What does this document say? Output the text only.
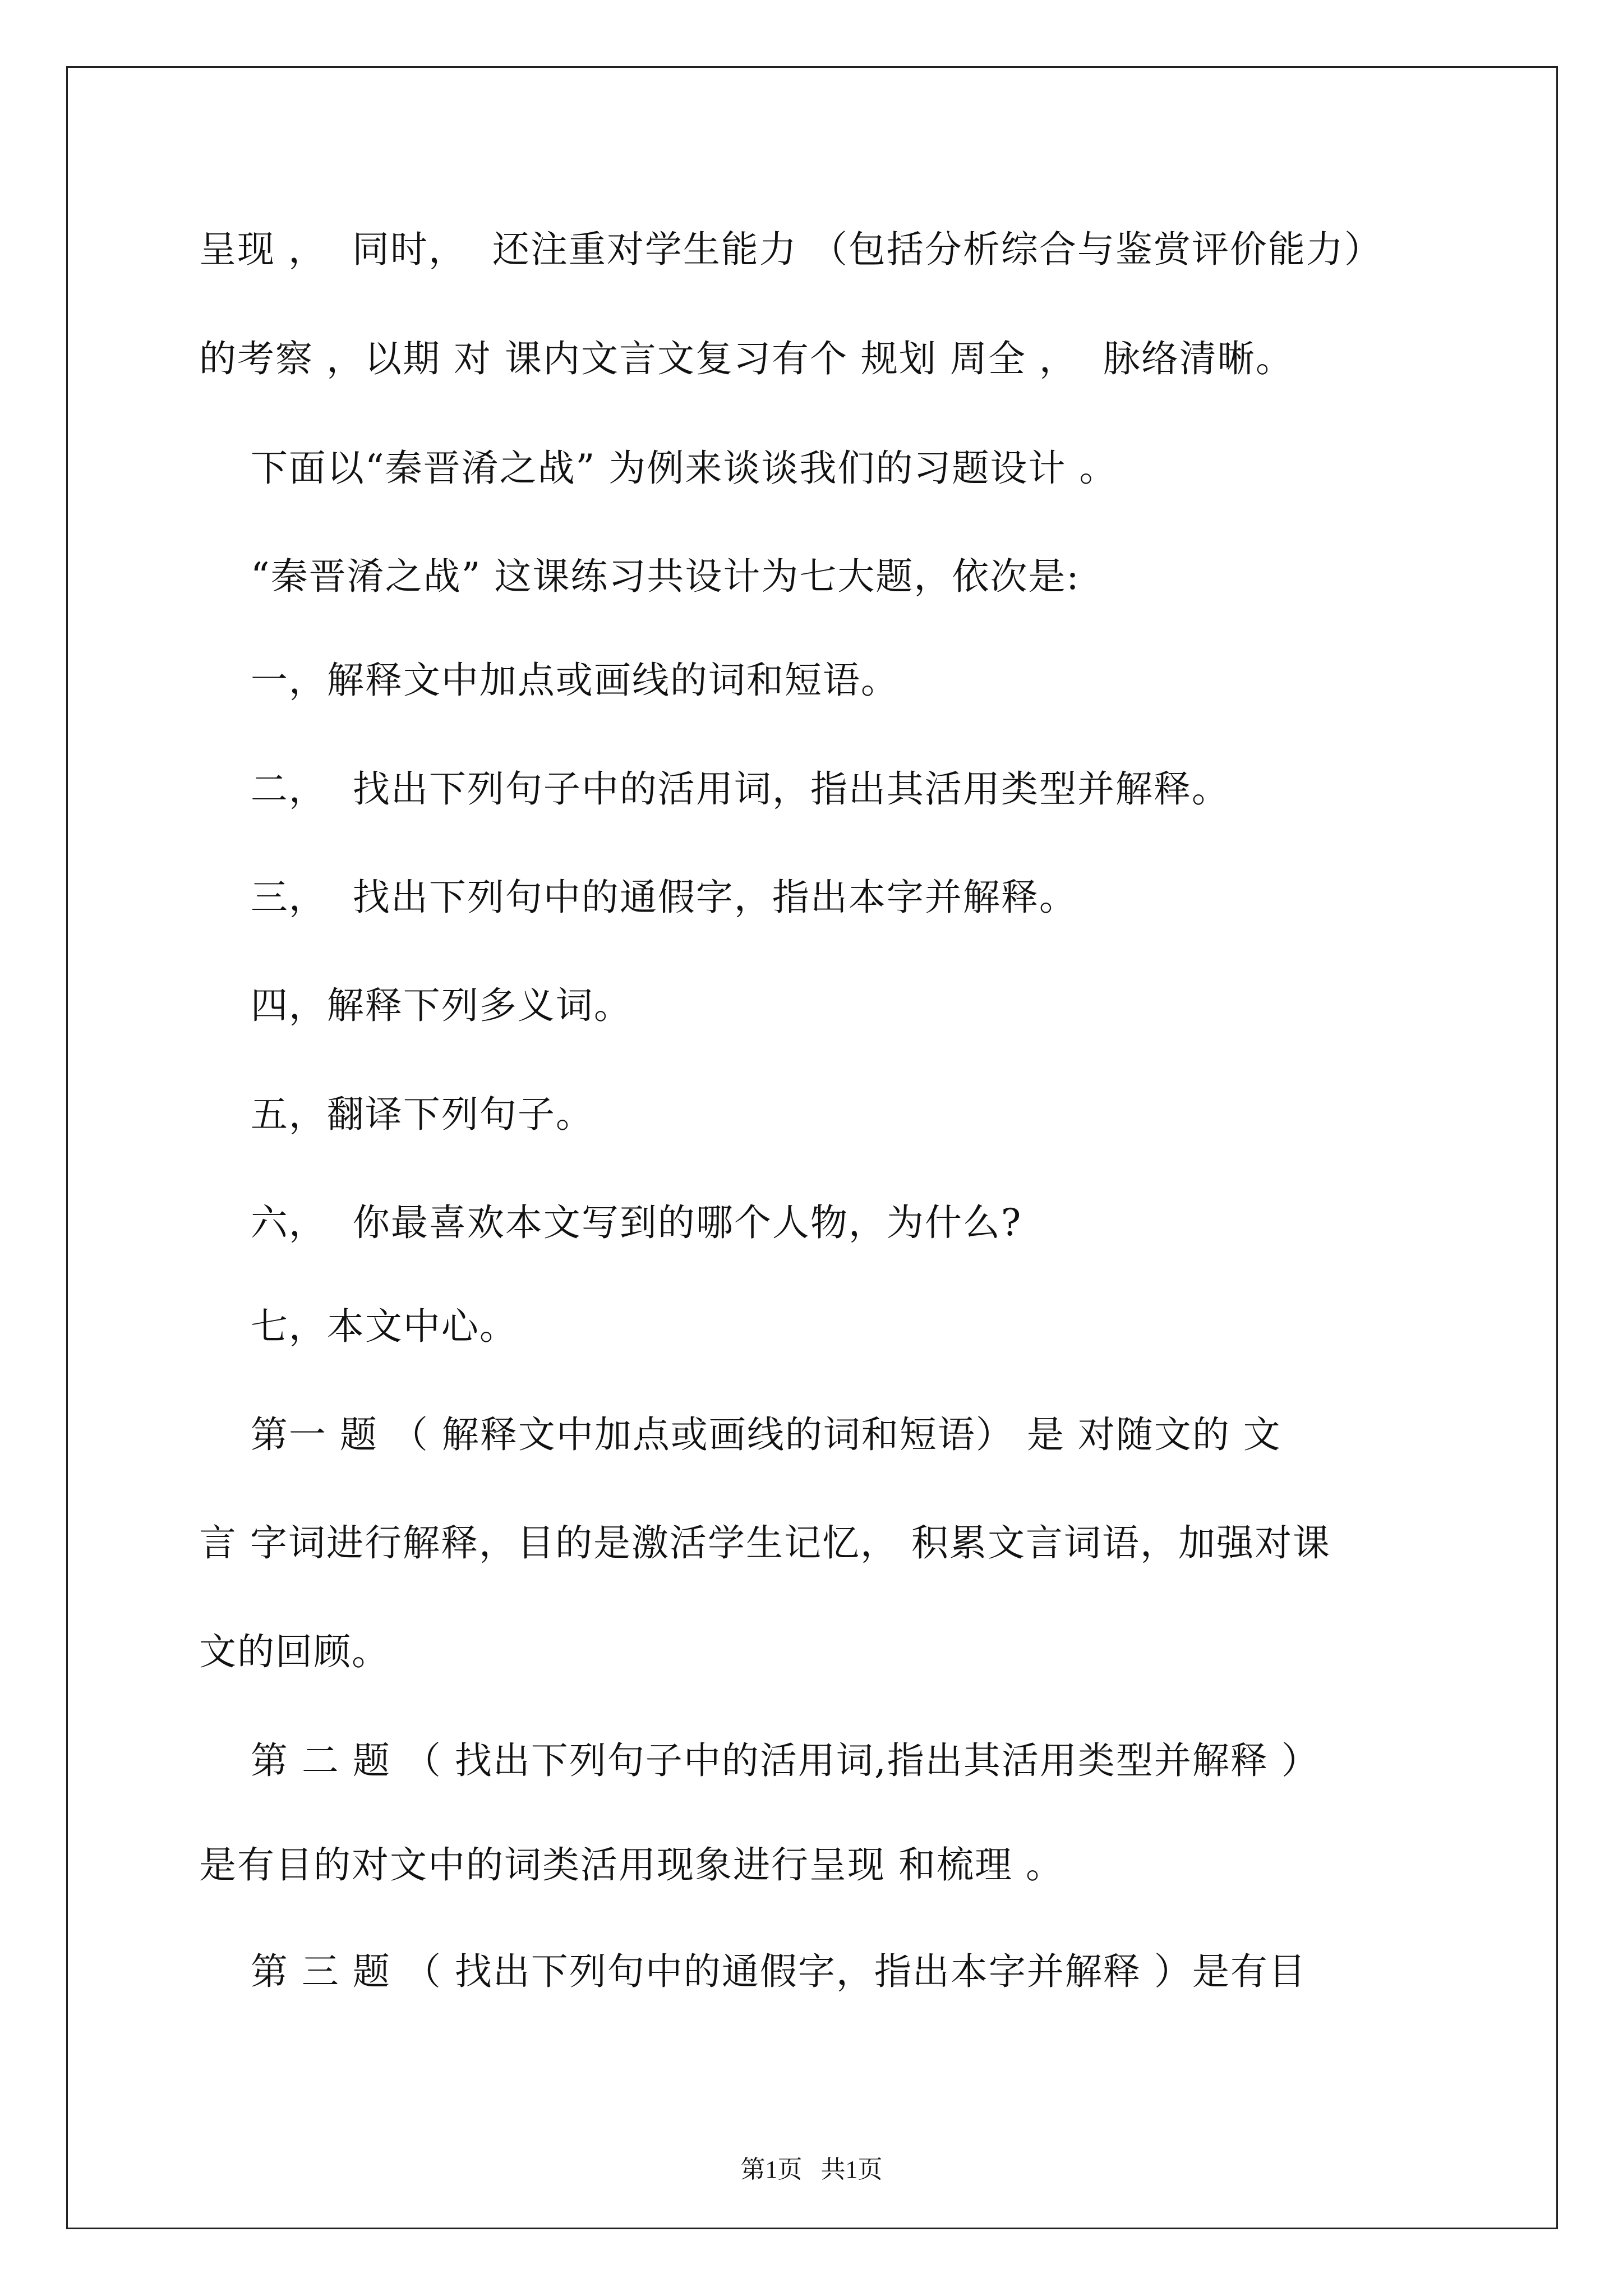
呈现 ，  同时，  还注重对学生能力 （包括分析综合与鉴赏评价能力）
的考察 ，以期 对 课内文言文复习有个 规划 周全 ，  脉络清晰。
下面以“秦晋淆之战” 为例来谈谈我们的习题设计 。
“秦晋淆之战” 这课练习共设计为七大题，依次是:
一，解释文中加点或画线的词和短语。
二，  找出下列句子中的活用词，指出其活用类型并解释。
三，  找出下列句中的通假字，指出本字并解释。
四，解释下列多义词。
五，翻译下列句子。
六，  你最喜欢本文写到的哪个人物，为什么?
七，本文中心。
第一 题 （ 解释文中加点或画线的词和短语） 是 对随文的 文
言 字词进行解释，目的是激活学生记忆， 积累文言词语，加强对课
文的回顾。
第 二 题 （ 找出下列句子中的活用词,指出其活用类型并解释 ）
是有目的对文中的词类活用现象进行呈现 和梳理 。
第 三 题 （ 找出下列句中的通假字，指出本字并解释 ）是有目
第1页   共1页
